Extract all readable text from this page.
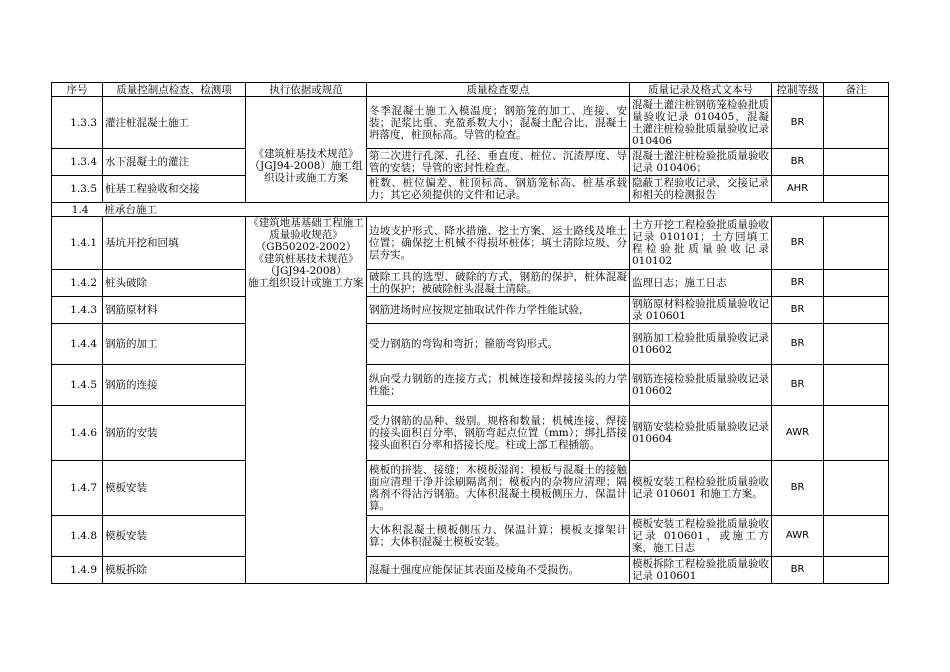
序号	质量控制点检查、检测项	执行依据或规范	质量检查要点	质量记录及格式文本号	控制等级	备注
1.3.3	灌注桩混凝土施工	《建筑桩基技术规范》（JGJ94-2008）施工组织设计或施工方案	冬季混凝土施工入模温度；钢筋笼的加工、连接、安装；泥浆比重、充盈系数大小；混凝土配合比、混凝土坍落度，桩顶标高。导管的检查。	混凝土灌注桩钢筋笼检验批质量验收记录 010405，混凝土灌注桩检验批质量验收记录 010406	BR	
1.3.4	水下混凝土的灌注		第二次进行孔深、孔径、垂直度、桩位、沉渣厚度、导管的安装；导管的密封性检查。	混凝土灌注桩检验批质量验收记录 010406；	BR	
1.3.5	桩基工程验收和交接		桩数、桩位偏差、桩顶标高、钢筋笼标高、桩基承载力；其它必须提供的文件和记录。	隐蔽工程验收记录，交接记录和相关的检测报告	AHR	
1.4	桩承台施工					
1.4.1	基坑开挖和回填	《建筑地基基础工程施工质量验收规范》（GB50202-2002）
《建筑桩基技术规范》（JGJ94-2008）
施工组织设计或施工方案	边坡支护形式、降水措施、挖土方案、运土路线及堆土位置；确保挖土机械不得损坏桩体；填土清除垃圾、分层夯实。	土方开挖工程检验批质量验收记录 010101；土方回填工程检验批质量验收记录 010102	BR	
1.4.2	桩头破除		破除工具的选型、破除的方式，钢筋的保护，桩体混凝土的保护；被破除桩头混凝土清除。	监理日志；施工日志	BR	
1.4.3	钢筋原材料		钢筋进场时应按规定抽取试件作力学性能试验，	钢筋原材料检验批质量验收记录 010601	BR	
1.4.4	钢筋的加工		受力钢筋的弯钩和弯折；箍筋弯钩形式。	钢筋加工检验批质量验收记录 010602	BR	
1.4.5	钢筋的连接		纵向受力钢筋的连接方式；机械连接和焊接接头的力学性能；	钢筋连接检验批质量验收记录 010602	BR	
1.4.6	钢筋的安装		受力钢筋的品种、级别。规格和数量；机械连接、焊接的接头面积百分率，钢筋弯起点位置（mm）；绑扎搭接接头面积百分率和搭接长度。柱或上部工程插筋。	钢筋安装检验批质量验收记录 010604	AWR	
1.4.7	模板安装		模板的拼装、接缝；木模板湿润；模板与混凝土的接触面应清理干净并涂刷隔离剂；模板内的杂物应清理；隔离剂不得沾污钢筋。大体积混凝土模板侧压力、保温计算。	模板安装工程检验批质量验收记录 010601 和施工方案。	BR	
1.4.8	模板安装		大体积混凝土模板侧压力、保温计算；模板支撑架计算；大体积混凝土模板安装。	模板安装工程检验批质量验收记录 010601，或施工方案，施工日志	AWR	
1.4.9	模板拆除		混凝土强度应能保证其表面及棱角不受损伤。	模板拆除工程检验批质量验收记录 010601	BR	
